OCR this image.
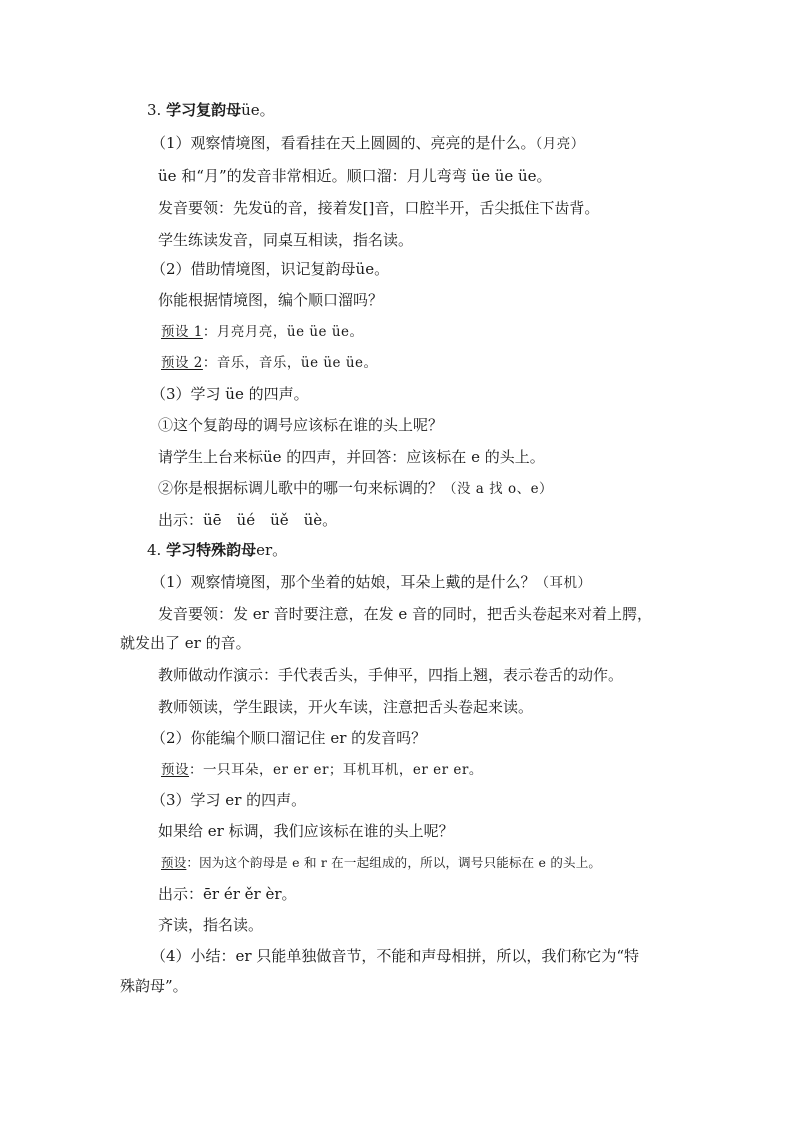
3. 学习复韵母üe。
（1）观察情境图，看看挂在天上圆圆的、亮亮的是什么。（月亮）
üe 和“月”的发音非常相近。顺口溜：月儿弯弯 üe üe üe。
发音要领：先发ü的音，接着发[]音，口腔半开，舌尖抵住下齿背。
学生练读发音，同桌互相读，指名读。
（2）借助情境图，识记复韵母üe。
你能根据情境图，编个顺口溜吗？
预设 1：月亮月亮，üe üe üe。
预设 2：音乐，音乐，üe üe üe。
（3）学习 üe 的四声。
①这个复韵母的调号应该标在谁的头上呢？
请学生上台来标üe 的四声，并回答：应该标在 e 的头上。
②你是根据标调儿歌中的哪一句来标调的？（没 a 找 o、e）
出示：üē　üé　üě　üè。
4. 学习特殊韵母er。
（1）观察情境图，那个坐着的姑娘，耳朵上戴的是什么？（耳机）
发音要领：发 er 音时要注意，在发 e 音的同时，把舌头卷起来对着上腭，
就发出了 er 的音。
教师做动作演示：手代表舌头，手伸平，四指上翘，表示卷舌的动作。
教师领读，学生跟读，开火车读，注意把舌头卷起来读。
（2）你能编个顺口溜记住 er 的发音吗？
预设：一只耳朵，er er er；耳机耳机，er er er。
（3）学习 er 的四声。
如果给 er 标调，我们应该标在谁的头上呢？
预设：因为这个韵母是 e 和 r 在一起组成的，所以，调号只能标在 e 的头上。
出示：ēr ér ěr èr。
齐读，指名读。
（4）小结：er 只能单独做音节，不能和声母相拼，所以，我们称它为“特
殊韵母”。
